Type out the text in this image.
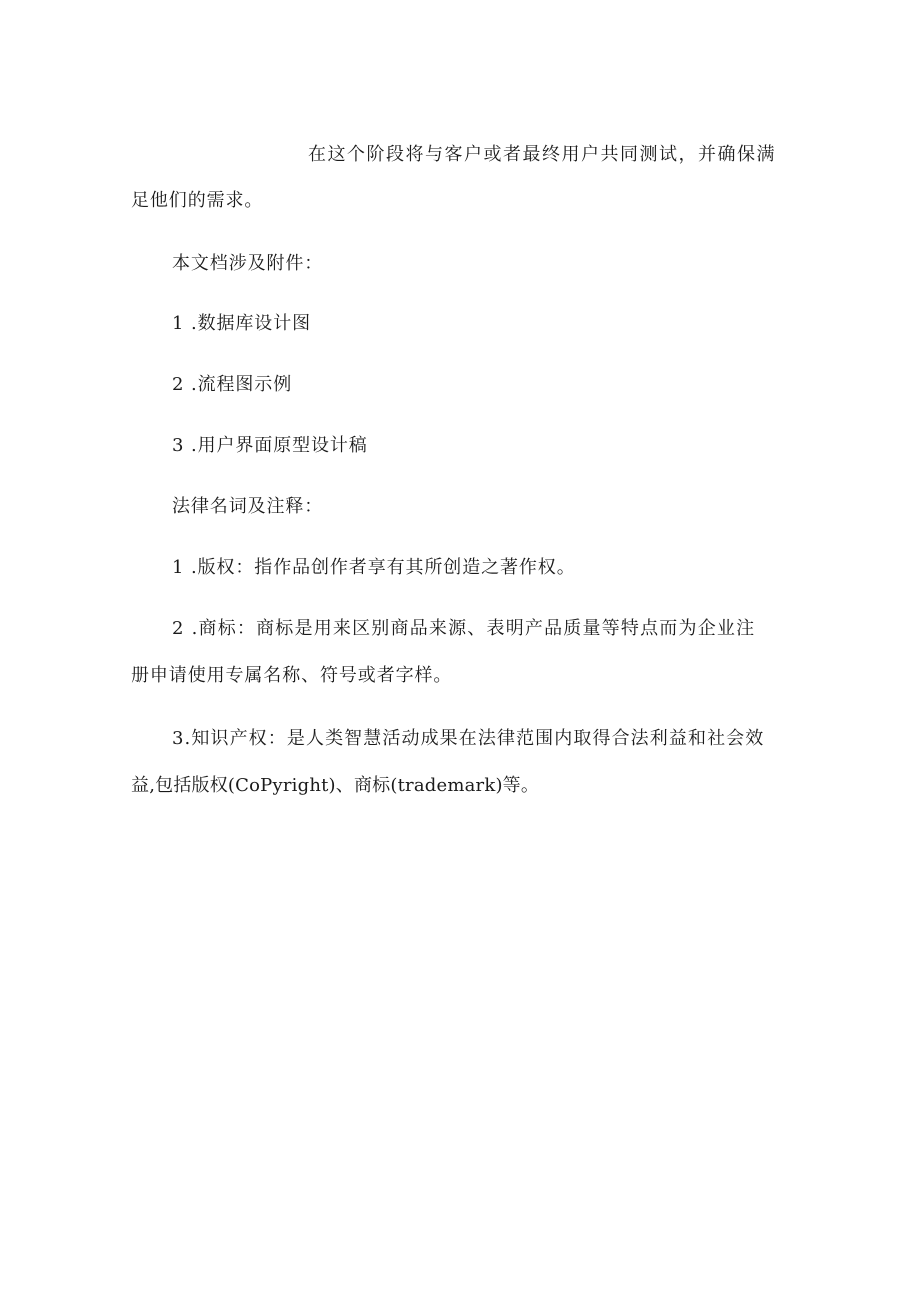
在这个阶段将与客户或者最终用户共同测试，并确保满

足他们的需求。

本文档涉及附件：

1 .数据库设计图

2 .流程图示例

3 .用户界面原型设计稿

法律名词及注释：

1 .版权：指作品创作者享有其所创造之著作权。

2 .商标：商标是用来区别商品来源、表明产品质量等特点而为企业注

册申请使用专属名称、符号或者字样。

3.知识产权：是人类智慧活动成果在法律范围内取得合法利益和社会效

益,包括版权(CoPyright)、商标(trademark)等。
